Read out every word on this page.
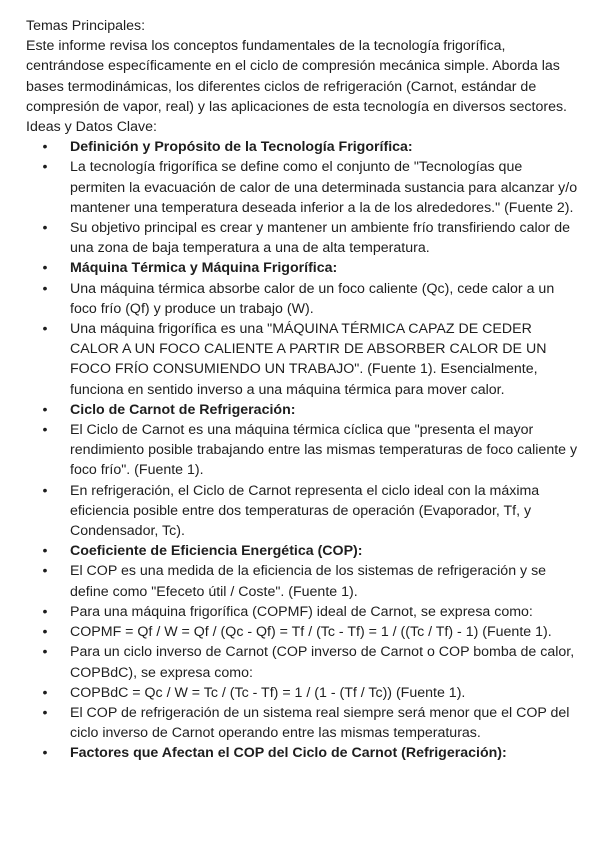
Temas Principales:

Este informe revisa los conceptos fundamentales de la tecnología frigorífica, centrándose específicamente en el ciclo de compresión mecánica simple. Aborda las bases termodinámicas, los diferentes ciclos de refrigeración (Carnot, estándar de compresión de vapor, real) y las aplicaciones de esta tecnología en diversos sectores.

Ideas y Datos Clave:

•	Definición y Propósito de la Tecnología Frigorífica:
•	La tecnología frigorífica se define como el conjunto de "Tecnologías que permiten la evacuación de calor de una determinada sustancia para alcanzar y/o mantener una temperatura deseada inferior a la de los alrededores." (Fuente 2).
•	Su objetivo principal es crear y mantener un ambiente frío transfiriendo calor de una zona de baja temperatura a una de alta temperatura.
•	Máquina Térmica y Máquina Frigorífica:
•	Una máquina térmica absorbe calor de un foco caliente (Qc), cede calor a un foco frío (Qf) y produce un trabajo (W).
•	Una máquina frigorífica es una "MÁQUINA TÉRMICA CAPAZ DE CEDER CALOR A UN FOCO CALIENTE A PARTIR DE ABSORBER CALOR DE UN FOCO FRÍO CONSUMIENDO UN TRABAJO". (Fuente 1). Esencialmente, funciona en sentido inverso a una máquina térmica para mover calor.
•	Ciclo de Carnot de Refrigeración:
•	El Ciclo de Carnot es una máquina térmica cíclica que "presenta el mayor rendimiento posible trabajando entre las mismas temperaturas de foco caliente y foco frío". (Fuente 1).
•	En refrigeración, el Ciclo de Carnot representa el ciclo ideal con la máxima eficiencia posible entre dos temperaturas de operación (Evaporador, Tf, y Condensador, Tc).
•	Coeficiente de Eficiencia Energética (COP):
•	El COP es una medida de la eficiencia de los sistemas de refrigeración y se define como "Efeceto útil / Coste". (Fuente 1).
•	Para una máquina frigorífica (COPMF) ideal de Carnot, se expresa como:
•	COPMF = Qf / W = Qf / (Qc - Qf) = Tf / (Tc - Tf) = 1 / ((Tc / Tf) - 1) (Fuente 1).
•	Para un ciclo inverso de Carnot (COP inverso de Carnot o COP bomba de calor, COPBdC), se expresa como:
•	COPBdC = Qc / W = Tc / (Tc - Tf) = 1 / (1 - (Tf / Tc)) (Fuente 1).
•	El COP de refrigeración de un sistema real siempre será menor que el COP del ciclo inverso de Carnot operando entre las mismas temperaturas.
•	Factores que Afectan el COP del Ciclo de Carnot (Refrigeración):
